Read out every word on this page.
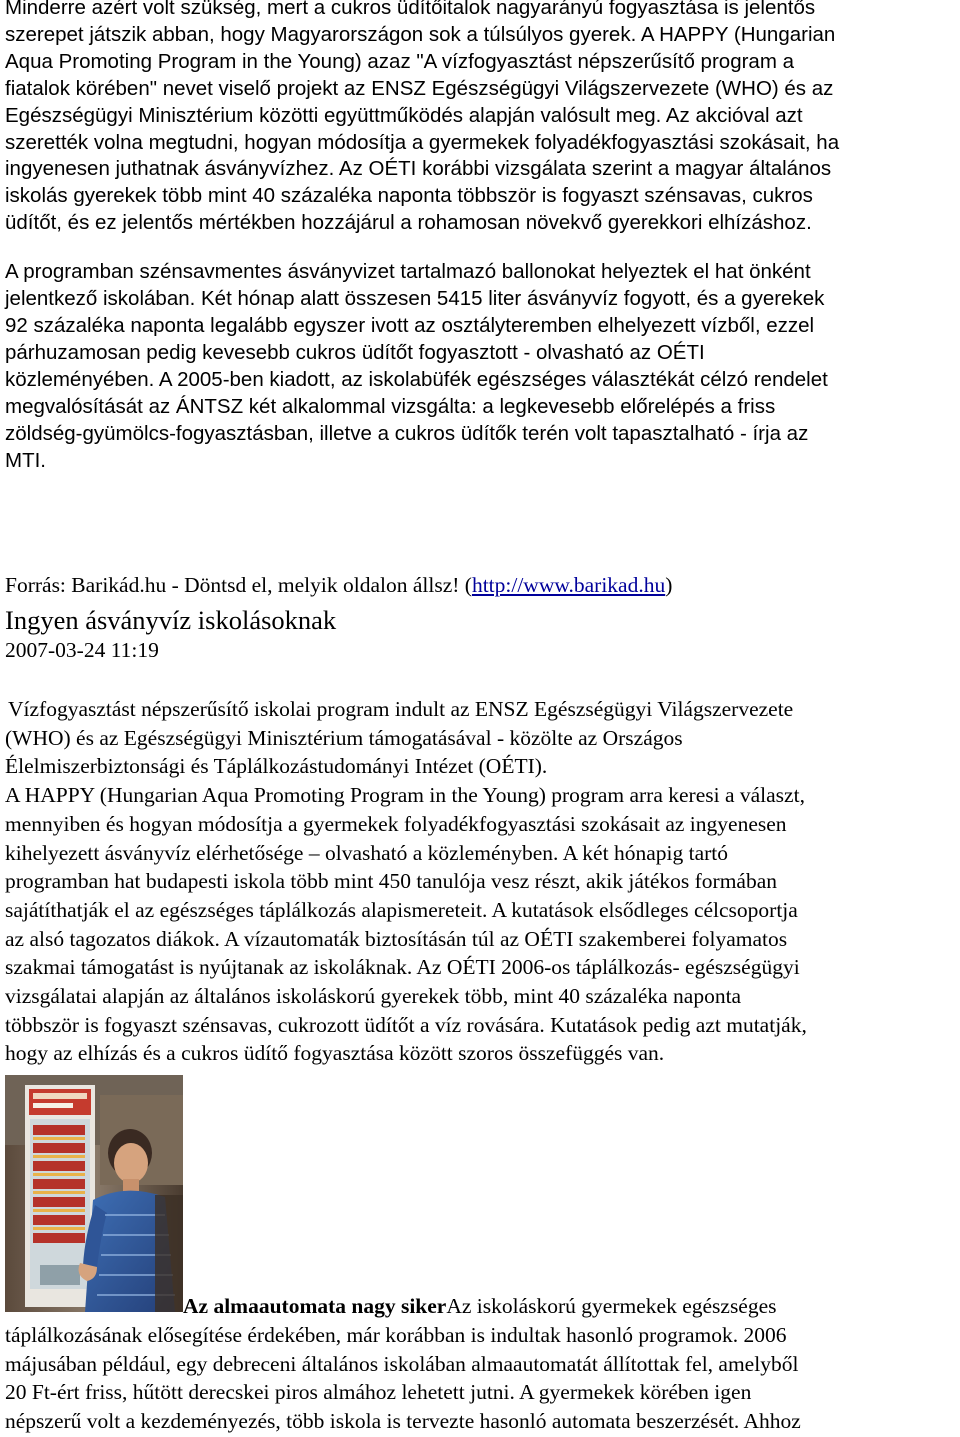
Minderre azért volt szükség, mert a cukros üdítőitalok nagyarányú fogyasztása is jelentős
szerepet játszik abban, hogy Magyarországon sok a túlsúlyos gyerek. A HAPPY (Hungarian
Aqua Promoting Program in the Young) azaz "A vízfogyasztást népszerűsítő program a
fiatalok körében" nevet viselő projekt az ENSZ Egészségügyi Világszervezete (WHO) és az
Egészségügyi Minisztérium közötti együttműködés alapján valósult meg. Az akcióval azt
szerették volna megtudni, hogyan módosítja a gyermekek folyadékfogyasztási szokásait, ha
ingyenesen juthatnak ásványvízhez. Az OÉTI korábbi vizsgálata szerint a magyar általános
iskolás gyerekek több mint 40 százaléka naponta többször is fogyaszt szénsavas, cukros
üdítőt, és ez jelentős mértékben hozzájárul a rohamosan növekvő gyerekkori elhízáshoz.
A programban szénsavmentes ásványvizet tartalmazó ballonokat helyeztek el hat önként
jelentkező iskolában. Két hónap alatt összesen 5415 liter ásványvíz fogyott, és a gyerekek
92 százaléka naponta legalább egyszer ivott az osztályteremben elhelyezett vízből, ezzel
párhuzamosan pedig kevesebb cukros üdítőt fogyasztott - olvasható az OÉTI
közleményében. A 2005-ben kiadott, az iskolabüfék egészséges választékát célzó rendelet
megvalósítását az ÁNTSZ két alkalommal vizsgálta: a legkevesebb előrelépés a friss
zöldség-gyümölcs-fogyasztásban, illetve a cukros üdítők terén volt tapasztalható - írja az
MTI.
Forrás: Barikád.hu - Döntsd el, melyik oldalon állsz! (http://www.barikad.hu)
Ingyen ásványvíz iskolásoknak
2007-03-24 11:19
Vízfogyasztást népszerűsítő iskolai program indult az ENSZ Egészségügyi Világszervezete
(WHO) és az Egészségügyi Minisztérium támogatásával - közölte az Országos
Élelmiszerbiztonsági és Táplálkozástudományi Intézet (OÉTI).
A HAPPY (Hungarian Aqua Promoting Program in the Young) program arra keresi a választ,
mennyiben és hogyan módosítja a gyermekek folyadékfogyasztási szokásait az ingyenesen
kihelyezett ásványvíz elérhetősége – olvasható a közleményben. A két hónapig tartó
programban hat budapesti iskola több mint 450 tanulója vesz részt, akik játékos formában
sajátíthatják el az egészséges táplálkozás alapismereteit. A kutatások elsődleges célcsoportja
az alsó tagozatos diákok. A vízautomaták biztosításán túl az OÉTI szakemberei folyamatos
szakmai támogatást is nyújtanak az iskoláknak. Az OÉTI 2006-os táplálkozás- egészségügyi
vizsgálatai alapján az általános iskoláskorú gyerekek több, mint 40 százaléka naponta
többször is fogyaszt szénsavas, cukrozott üdítőt a víz rovására. Kutatások pedig azt mutatják,
hogy az elhízás és a cukros üdítő fogyasztása között szoros összefüggés van.
Az almaautomata nagy sikerAz iskoláskorú gyermekek egészséges
táplálkozásának elősegítése érdekében, már korábban is indultak hasonló programok. 2006
májusában például, egy debreceni általános iskolában almaautomatát állítottak fel, amelyből
20 Ft-ért friss, hűtött derecskei piros almához lehetett jutni. A gyermekek körében igen
népszerű volt a kezdeményezés, több iskola is tervezte hasonló automata beszerzését. Ahhoz
